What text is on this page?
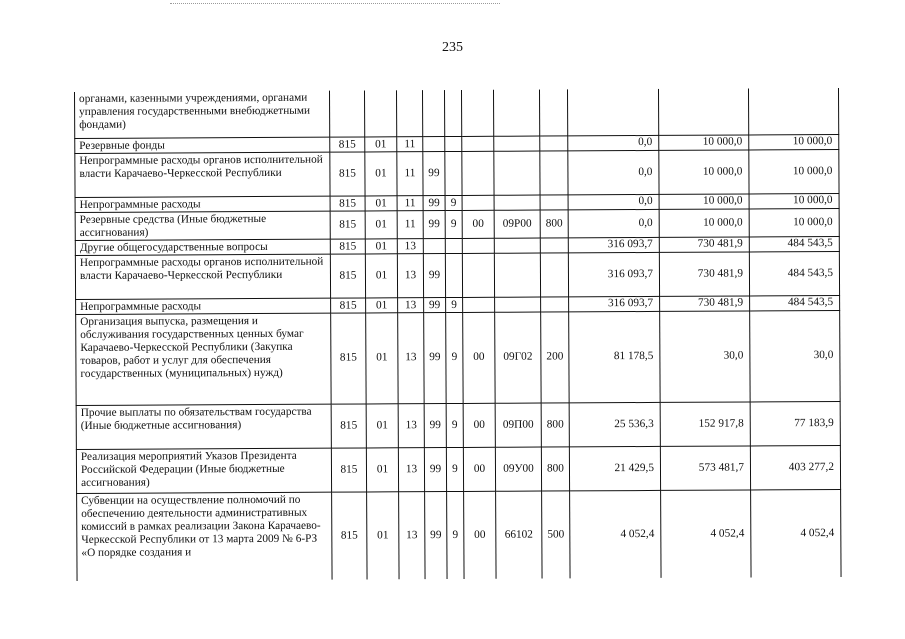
235
органами, казенными учреждениями, органами управления государственными внебюджетными фондами)											
Резервные фонды	815	01	11						0,0	10 000,0	10 000,0
Непрограммные расходы органов исполнительной власти Карачаево-Черкесской Республики	815	01	11	99					0,0	10 000,0	10 000,0
Непрограммные расходы	815	01	11	99	9				0,0	10 000,0	10 000,0
Резервные средства (Иные бюджетные ассигнования)	815	01	11	99	9	00	09Р00	800	0,0	10 000,0	10 000,0
Другие общегосударственные вопросы	815	01	13						316 093,7	730 481,9	484 543,5
Непрограммные расходы органов исполнительной власти Карачаево-Черкесской Республики	815	01	13	99					316 093,7	730 481,9	484 543,5
Непрограммные расходы	815	01	13	99	9				316 093,7	730 481,9	484 543,5
Организация выпуска, размещения и обслуживания государственных ценных бумаг Карачаево-Черкесской Республики (Закупка товаров, работ и услуг для обеспечения государственных (муниципальных) нужд)	815	01	13	99	9	00	09Г02	200	81 178,5	30,0	30,0
Прочие выплаты по обязательствам государства (Иные бюджетные ассигнования)	815	01	13	99	9	00	09П00	800	25 536,3	152 917,8	77 183,9
Реализация мероприятий Указов Президента Российской Федерации (Иные бюджетные ассигнования)	815	01	13	99	9	00	09У00	800	21 429,5	573 481,7	403 277,2
Субвенции на осуществление полномочий по обеспечению деятельности административных комиссий в рамках реализации Закона Карачаево-Черкесской Республики от 13 марта 2009 № 6-РЗ «О порядке создания и	815	01	13	99	9	00	66102	500	4 052,4	4 052,4	4 052,4
